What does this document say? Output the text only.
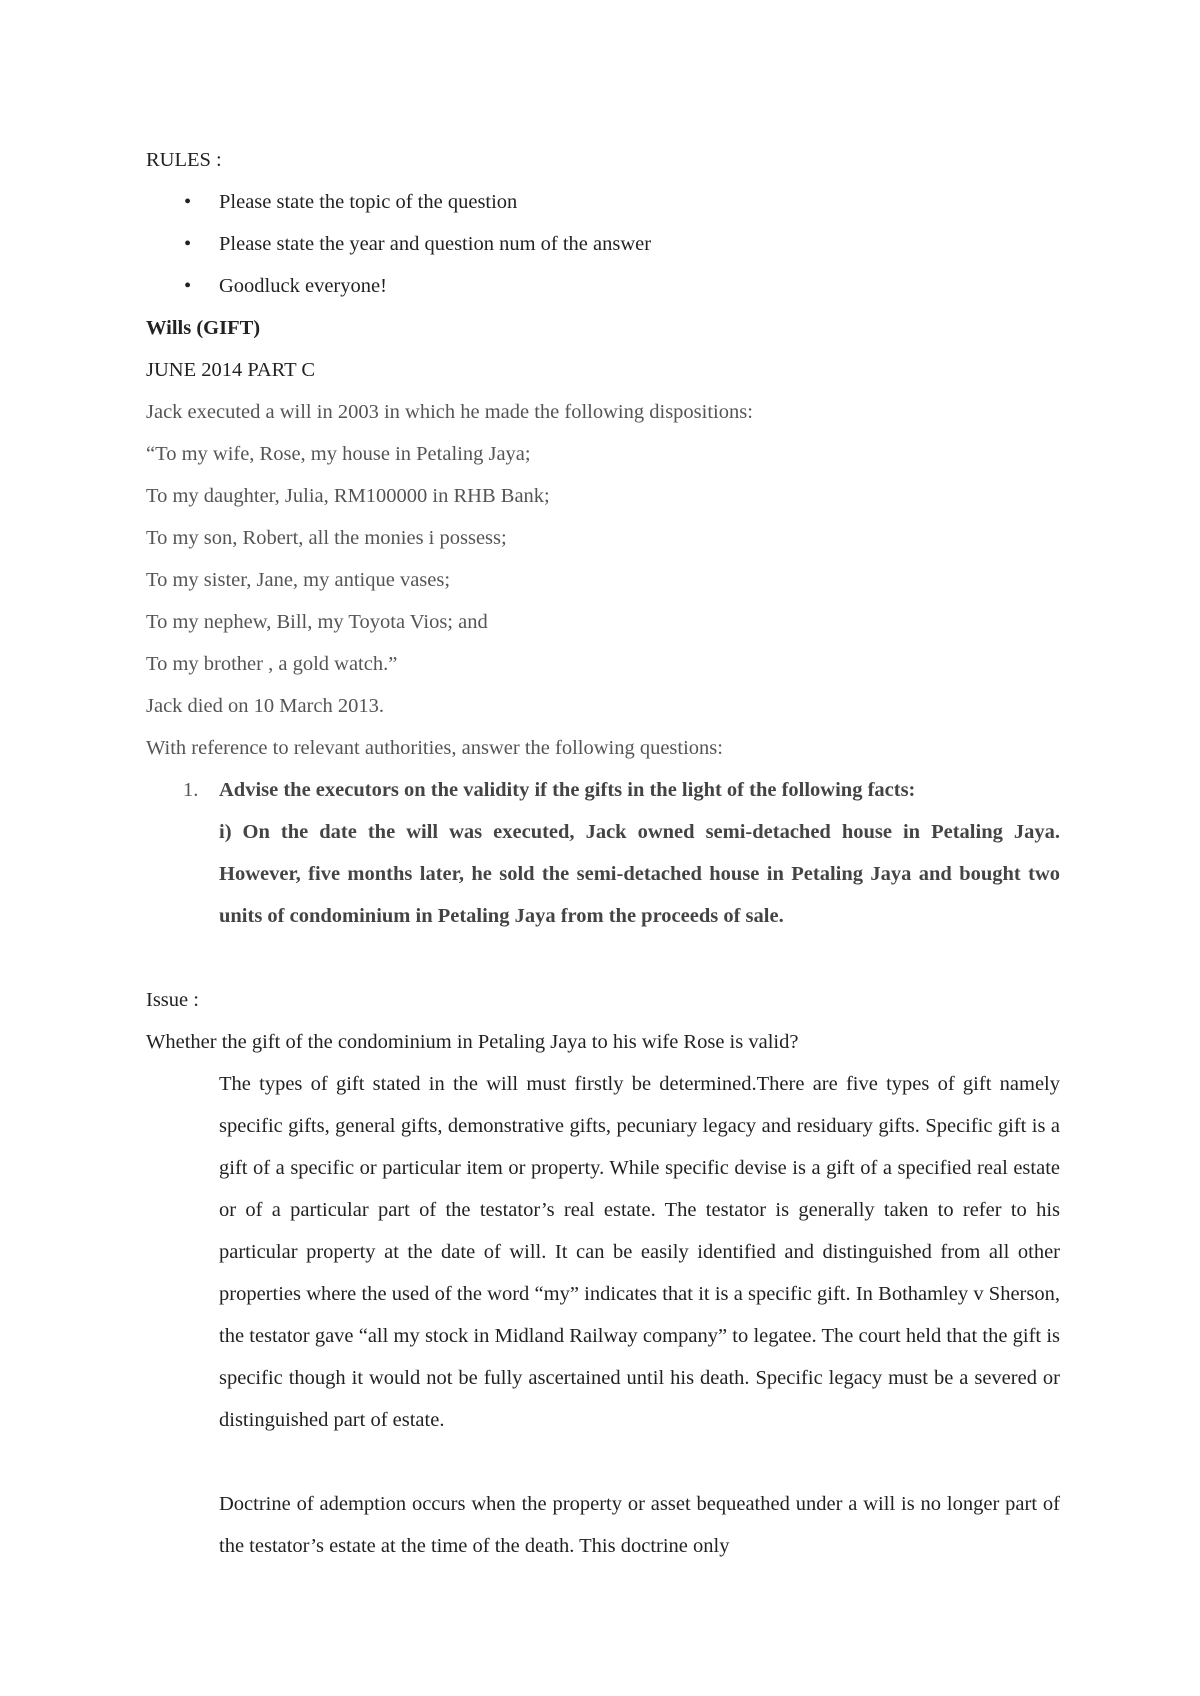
RULES :
• Please state the topic of the question
• Please state the year and question num of the answer
• Goodluck everyone!
Wills (GIFT)
JUNE 2014 PART C
Jack executed a will in 2003 in which he made the following dispositions:
“To my wife, Rose, my house in Petaling Jaya;
To my daughter, Julia, RM100000 in RHB Bank;
To my son, Robert, all the monies i possess;
To my sister, Jane, my antique vases;
To my nephew, Bill, my Toyota Vios; and
To my brother , a gold watch.”
Jack died on 10 March 2013.
With reference to relevant authorities, answer the following questions:
1. Advise the executors on the validity if the gifts in the light of the following facts:
i) On the date the will was executed, Jack owned semi-detached house in Petaling Jaya. However, five months later, he sold the semi-detached house in Petaling Jaya and bought two units of condominium in Petaling Jaya from the proceeds of sale.
Issue :
Whether the gift of the condominium in Petaling Jaya to his wife Rose is valid?
The types of gift stated in the will must firstly be determined.There are five types of gift namely specific gifts, general gifts, demonstrative gifts, pecuniary legacy and residuary gifts. Specific gift is a gift of a specific or particular item or property. While specific devise is a gift of a specified real estate or of a particular part of the testator’s real estate. The testator is generally taken to refer to his particular property at the date of will. It can be easily identified and distinguished from all other properties where the used of the word “my” indicates that it is a specific gift. In Bothamley v Sherson, the testator gave “all my stock in Midland Railway company” to legatee. The court held that the gift is specific though it would not be fully ascertained until his death. Specific legacy must be a severed or distinguished part of estate.
Doctrine of ademption occurs when the property or asset bequeathed under a will is no longer part of the testator’s estate at the time of the death. This doctrine only
